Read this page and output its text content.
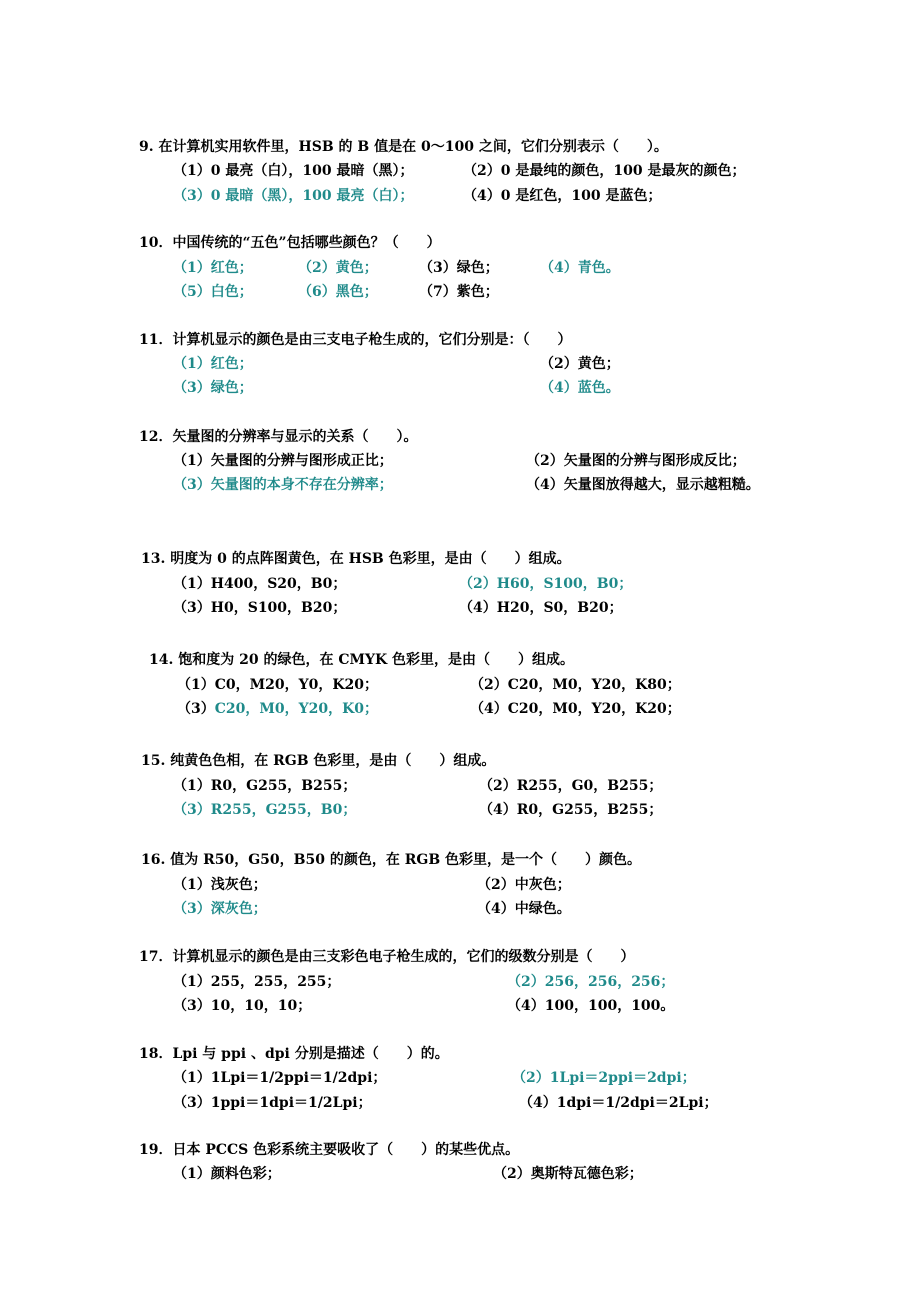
9. 在计算机实用软件里，HSB 的 B 值是在 0～100 之间，它们分别表示（　　）。
（1）0 最亮（白），100 最暗（黑）；	（2）0 是最纯的颜色，100 是最灰的颜色；
（3）0 最暗（黑），100 最亮（白）；	（4）0 是红色，100 是蓝色；
10．中国传统的“五色”包括哪些颜色？（　　）
（1）红色；	（2）黄色；	（3）绿色；	（4）青色。
（5）白色；	（6）黑色；	（7）紫色；
11．计算机显示的颜色是由三支电子枪生成的，它们分别是：（　　）
（1）红色；	（2）黄色；
（3）绿色；	（4）蓝色。
12．矢量图的分辨率与显示的关系（　　）。
（1）矢量图的分辨与图形成正比；	（2）矢量图的分辨与图形成反比；
（3）矢量图的本身不存在分辨率；	（4）矢量图放得越大，显示越粗糙。
13. 明度为 0 的点阵图黄色，在 HSB 色彩里，是由（　　）组成。
（1）H400，S20，B0；	（2）H60，S100，B0；
（3）H0，S100，B20；	（4）H20，S0，B20；
14. 饱和度为 20 的绿色，在 CMYK 色彩里，是由（　　）组成。
（1）C0，M20，Y0，K20；	（2）C20，M0，Y20，K80；
（3）C20，M0，Y20，K0；	（4）C20，M0，Y20，K20；
15. 纯黄色色相，在 RGB 色彩里，是由（　　）组成。
（1）R0，G255，B255；	（2）R255，G0，B255；
（3）R255，G255，B0；	（4）R0，G255，B255；
16. 值为 R50，G50，B50 的颜色，在 RGB 色彩里，是一个（　　）颜色。
（1）浅灰色；	（2）中灰色；
（3）深灰色；	（4）中绿色。
17．计算机显示的颜色是由三支彩色电子枪生成的，它们的级数分别是（　　）
（1）255，255，255；	（2）256，256，256；
（3）10，10，10；	（4）100，100，100。
18．Lpi 与 ppi 、dpi 分别是描述（　　）的。
（1）1Lpi＝1/2ppi＝1/2dpi；	（2）1Lpi＝2ppi＝2dpi；
（3）1ppi＝1dpi＝1/2Lpi；	（4）1dpi＝1/2dpi＝2Lpi；
19．日本 PCCS 色彩系统主要吸收了（　　）的某些优点。
（1）颜料色彩；	（2）奥斯特瓦德色彩；
